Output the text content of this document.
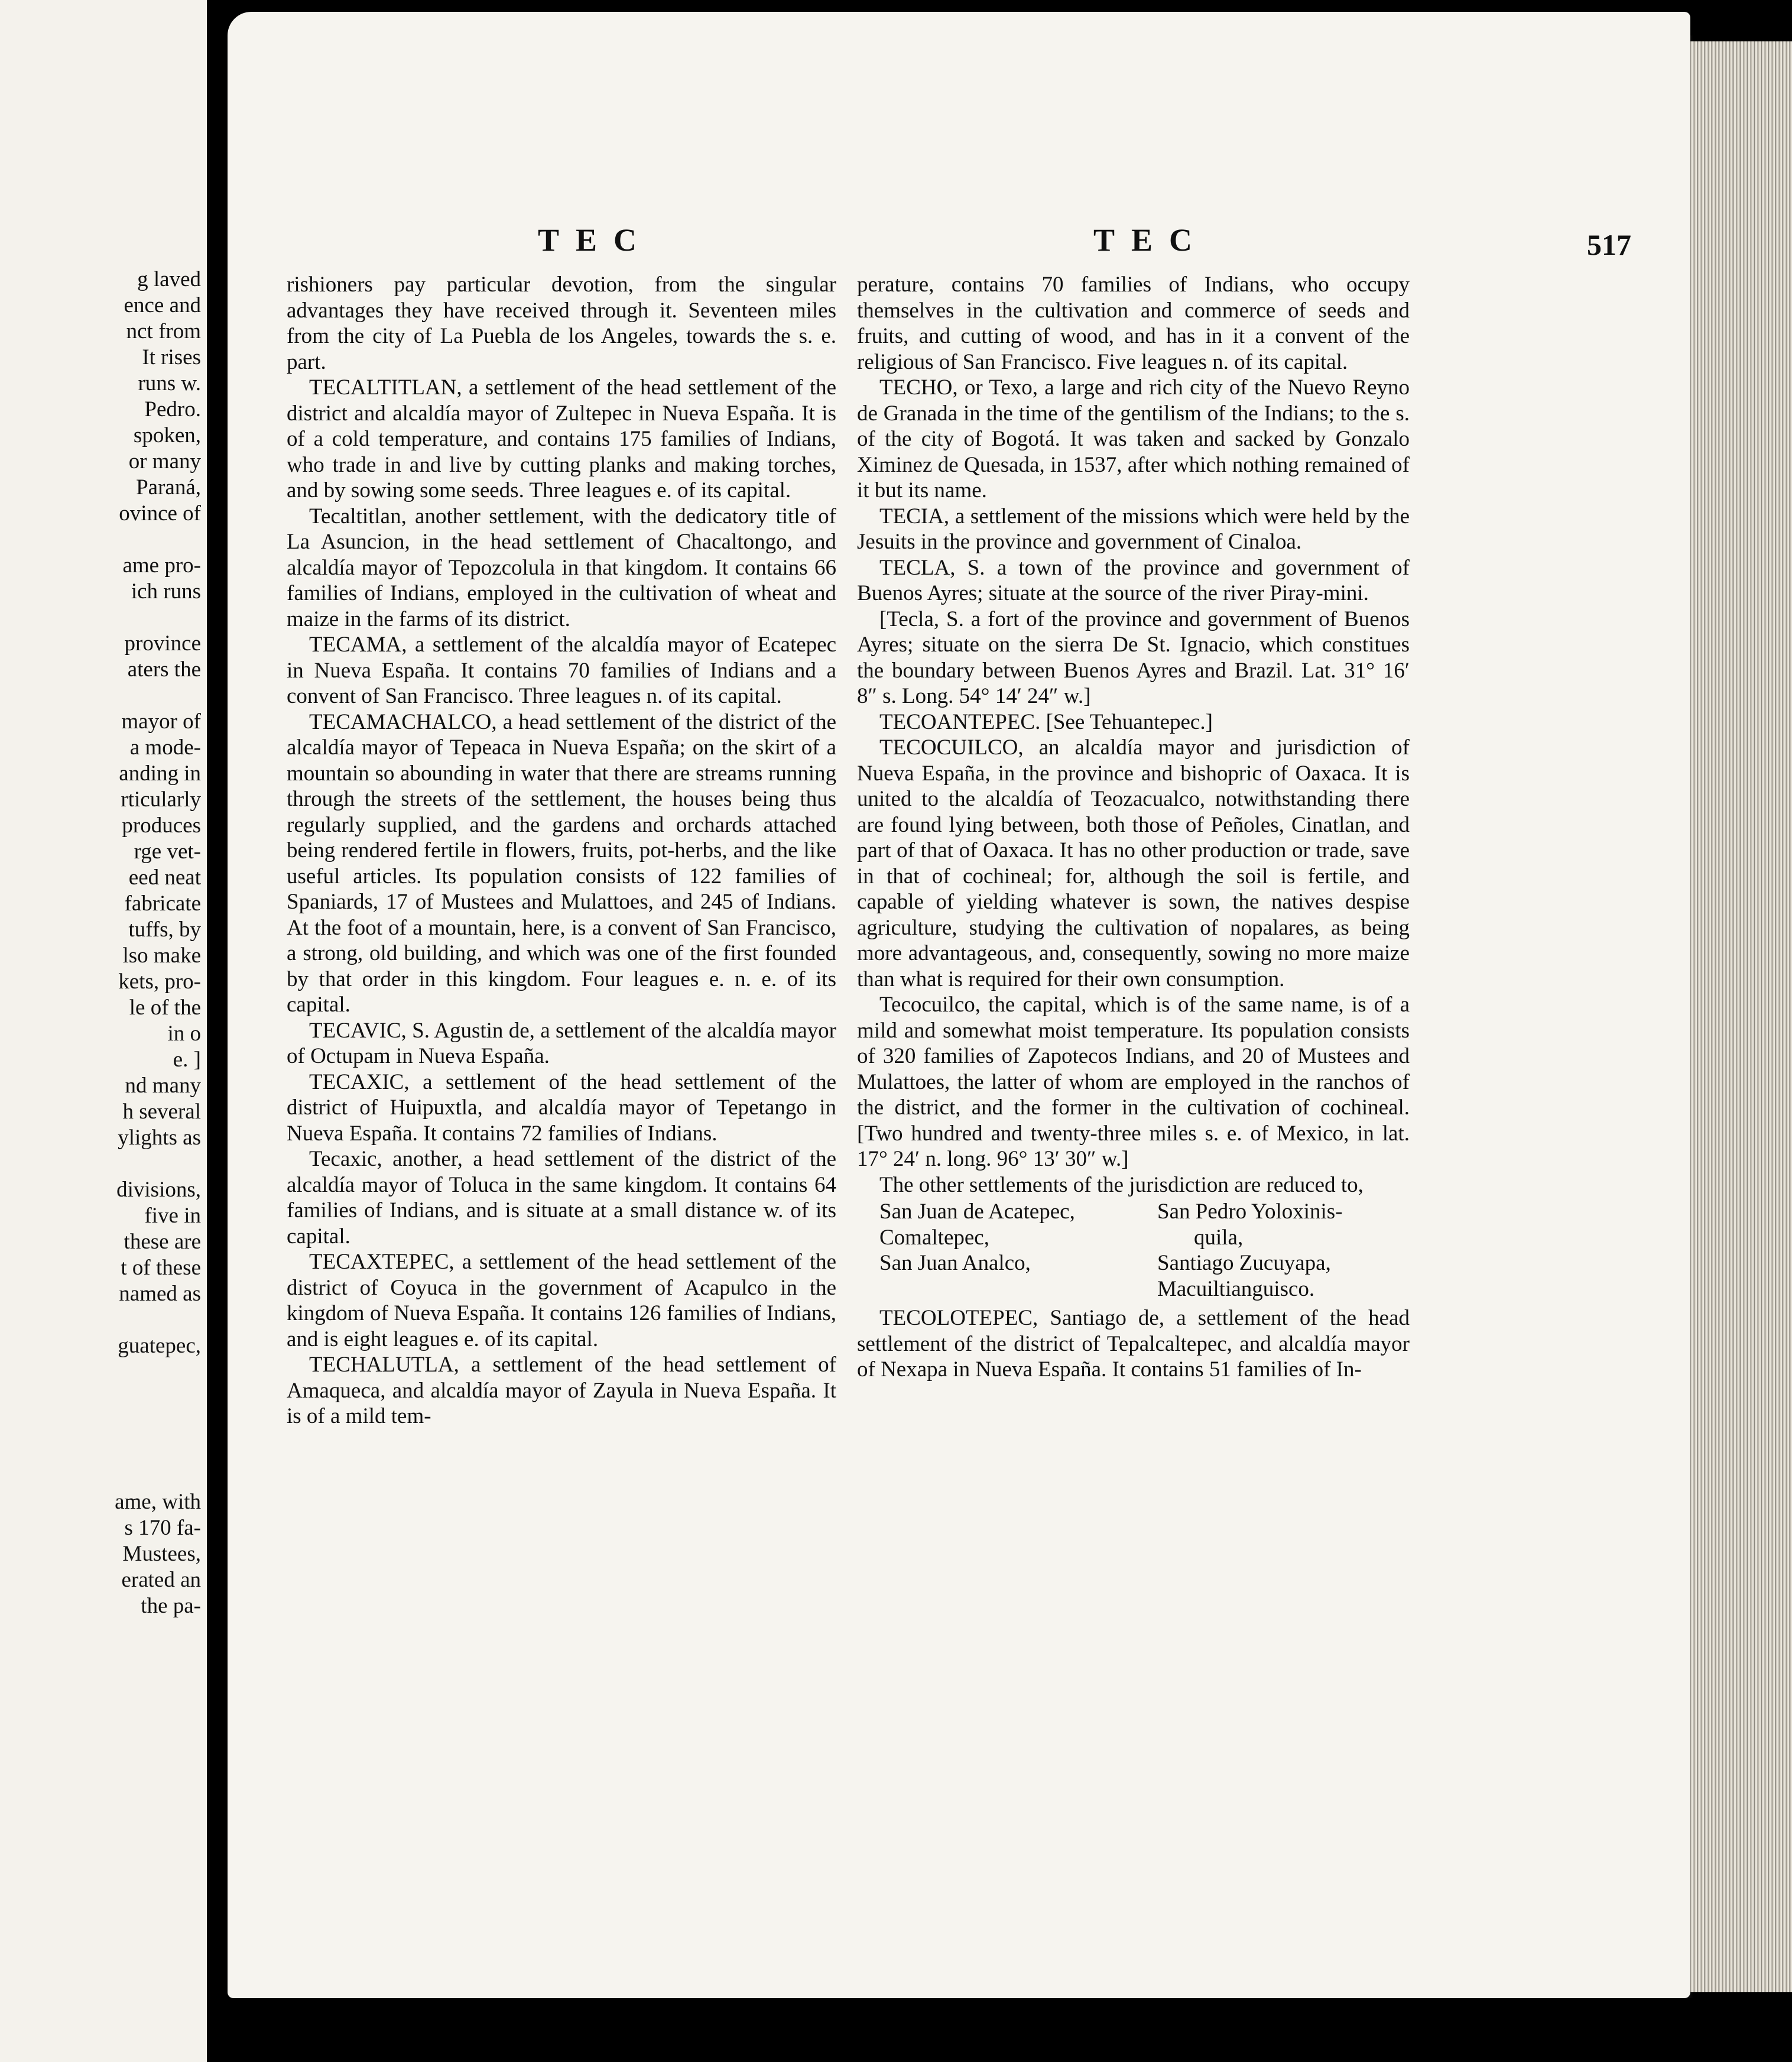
g laved
ence and
nct from
It rises
runs w.
Pedro.
spoken,
or many
Paraná,
ovince of
ame pro-
ich runs
province
aters the
mayor of
a mode-
anding in
rticularly
produces
rge vet-
eed neat
fabricate
tuffs, by
lso make
kets, pro-
le of the
in o
e. ]
nd many
h several
ylights as
divisions,
five in
these are
t of these
named as
guatepec,
ame, with
s 170 fa-
Mustees,
erated an
the pa-
TEC	TEC	517

rishioners pay particular devotion, from the singular advantages they have received through it. Seventeen miles from the city of La Puebla de los Angeles, towards the s. e. part.

TECALTITLAN, a settlement of the head settlement of the district and alcaldía mayor of Zultepec in Nueva España. It is of a cold temperature, and contains 175 families of Indians, who trade in and live by cutting planks and making torches, and by sowing some seeds. Three leagues e. of its capital.

Tecaltitlan, another settlement, with the dedicatory title of La Asuncion, in the head settlement of Chacaltongo, and alcaldía mayor of Tepozcolula in that kingdom. It contains 66 families of Indians, employed in the cultivation of wheat and maize in the farms of its district.

TECAMA, a settlement of the alcaldía mayor of Ecatepec in Nueva España. It contains 70 families of Indians and a convent of San Francisco. Three leagues n. of its capital.

TECAMACHALCO, a head settlement of the district of the alcaldía mayor of Tepeaca in Nueva España; on the skirt of a mountain so abounding in water that there are streams running through the streets of the settlement, the houses being thus regularly supplied, and the gardens and orchards attached being rendered fertile in flowers, fruits, pot-herbs, and the like useful articles. Its population consists of 122 families of Spaniards, 17 of Mustees and Mulattoes, and 245 of Indians. At the foot of a mountain, here, is a convent of San Francisco, a strong, old building, and which was one of the first founded by that order in this kingdom. Four leagues e. n. e. of its capital.

TECAVIC, S. Agustin de, a settlement of the alcaldía mayor of Octupam in Nueva España.

TECAXIC, a settlement of the head settlement of the district of Huipuxtla, and alcaldía mayor of Tepetango in Nueva España. It contains 72 families of Indians.

Tecaxic, another, a head settlement of the district of the alcaldía mayor of Toluca in the same kingdom. It contains 64 families of Indians, and is situate at a small distance w. of its capital.

TECAXTEPEC, a settlement of the head settlement of the district of Coyuca in the government of Acapulco in the kingdom of Nueva España. It contains 126 families of Indians, and is eight leagues e. of its capital.

TECHALUTLA, a settlement of the head settlement of Amaqueca, and alcaldía mayor of Zayula in Nueva España. It is of a mild tem-

perature, contains 70 families of Indians, who occupy themselves in the cultivation and commerce of seeds and fruits, and cutting of wood, and has in it a convent of the religious of San Francisco. Five leagues n. of its capital.

TECHO, or Texo, a large and rich city of the Nuevo Reyno de Granada in the time of the gentilism of the Indians; to the s. of the city of Bogotá. It was taken and sacked by Gonzalo Ximinez de Quesada, in 1537, after which nothing remained of it but its name.

TECIA, a settlement of the missions which were held by the Jesuits in the province and government of Cinaloa.

TECLA, S. a town of the province and government of Buenos Ayres; situate at the source of the river Piray-mini.

[Tecla, S. a fort of the province and government of Buenos Ayres; situate on the sierra De St. Ignacio, which constitues the boundary between Buenos Ayres and Brazil. Lat. 31° 16′ 8″ s. Long. 54° 14′ 24″ w.]

TECOANTEPEC. [See Tehuantepec.]

TECOCUILCO, an alcaldía mayor and jurisdiction of Nueva España, in the province and bishopric of Oaxaca. It is united to the alcaldía of Teozacualco, notwithstanding there are found lying between, both those of Peñoles, Cinatlan, and part of that of Oaxaca. It has no other production or trade, save in that of cochineal; for, although the soil is fertile, and capable of yielding whatever is sown, the natives despise agriculture, studying the cultivation of nopalares, as being more advantageous, and, consequently, sowing no more maize than what is required for their own consumption.

Tecocuilco, the capital, which is of the same name, is of a mild and somewhat moist temperature. Its population consists of 320 families of Zapotecos Indians, and 20 of Mustees and Mulattoes, the latter of whom are employed in the ranchos of the district, and the former in the cultivation of cochineal. [Two hundred and twenty-three miles s. e. of Mexico, in lat. 17° 24′ n. long. 96° 13′ 30″ w.]

The other settlements of the jurisdiction are reduced to,

San Juan de Acatepec,
Comaltepec,
San Juan Analco,
San Pedro Yoloxinis-
quila,
Santiago Zucuyapa,
Macuiltianguisco.

TECOLOTEPEC, Santiago de, a settlement of the head settlement of the district of Tepalcaltepec, and alcaldía mayor of Nexapa in Nueva España. It contains 51 families of In-
